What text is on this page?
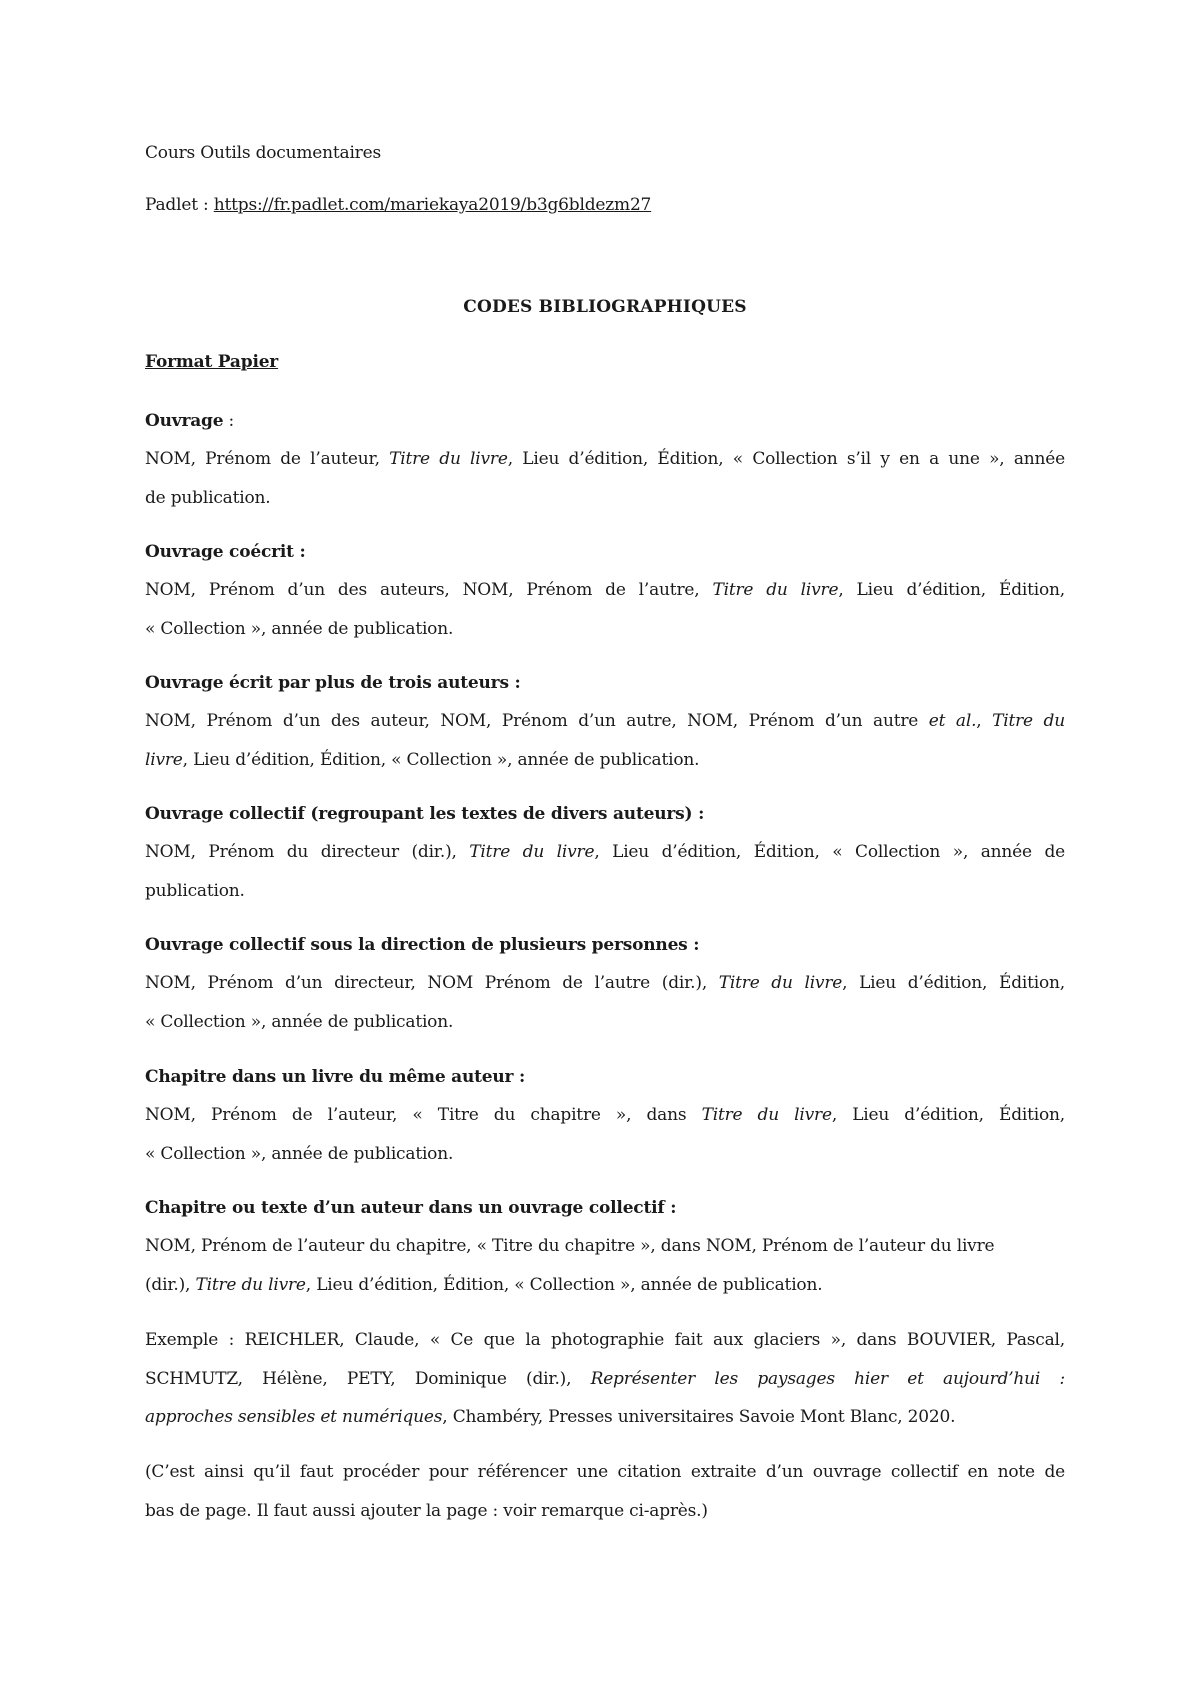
Cours Outils documentaires
Padlet : https://fr.padlet.com/mariekaya2019/b3g6bldezm27
CODES BIBLIOGRAPHIQUES
Format Papier
Ouvrage :
NOM, Prénom de l’auteur, Titre du livre, Lieu d’édition, Édition, « Collection s’il y en a une », année
de publication.
Ouvrage coécrit :
NOM, Prénom d’un des auteurs, NOM, Prénom de l’autre, Titre du livre, Lieu d’édition, Édition,
« Collection », année de publication.
Ouvrage écrit par plus de trois auteurs :
NOM, Prénom d’un des auteur, NOM, Prénom d’un autre, NOM, Prénom d’un autre et al., Titre du
livre, Lieu d’édition, Édition, « Collection », année de publication.
Ouvrage collectif (regroupant les textes de divers auteurs) :
NOM, Prénom du directeur (dir.), Titre du livre, Lieu d’édition, Édition, « Collection », année de
publication.
Ouvrage collectif sous la direction de plusieurs personnes :
NOM, Prénom d’un directeur, NOM Prénom de l’autre (dir.), Titre du livre, Lieu d’édition, Édition,
« Collection », année de publication.
Chapitre dans un livre du même auteur :
NOM, Prénom de l’auteur, « Titre du chapitre », dans Titre du livre, Lieu d’édition, Édition,
« Collection », année de publication.
Chapitre ou texte d’un auteur dans un ouvrage collectif :
NOM, Prénom de l’auteur du chapitre, « Titre du chapitre », dans NOM, Prénom de l’auteur du livre
(dir.), Titre du livre, Lieu d’édition, Édition, « Collection », année de publication.
Exemple : REICHLER, Claude, « Ce que la photographie fait aux glaciers », dans BOUVIER, Pascal,
SCHMUTZ, Hélène, PETY, Dominique (dir.), Représenter les paysages hier et aujourd’hui :
approches sensibles et numériques, Chambéry, Presses universitaires Savoie Mont Blanc, 2020.
(C’est ainsi qu’il faut procéder pour référencer une citation extraite d’un ouvrage collectif en note de
bas de page. Il faut aussi ajouter la page : voir remarque ci-après.)
